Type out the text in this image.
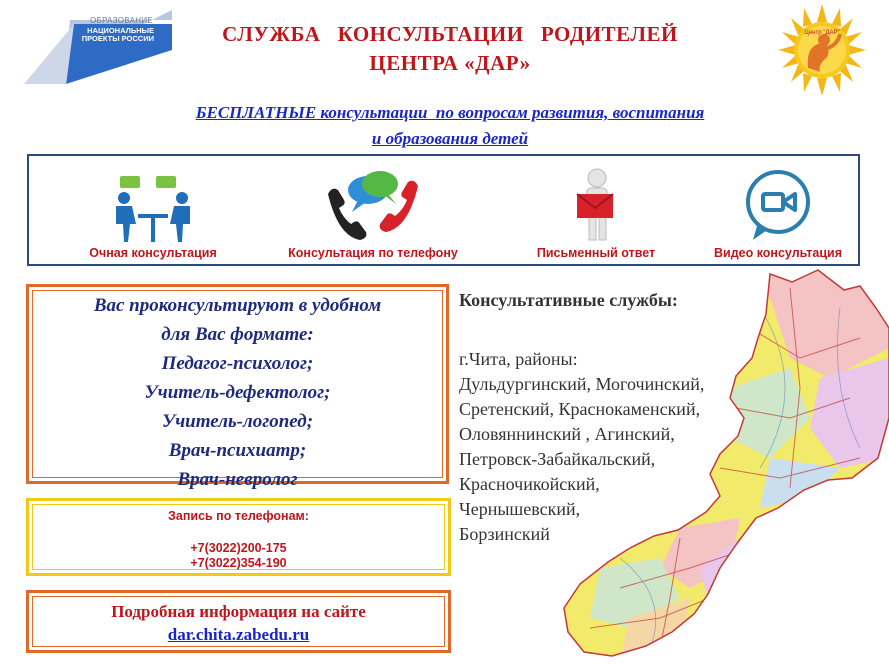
ОБРАЗОВАНИЕ
НАЦИОНАЛЬНЫЕ ПРОЕКТЫ РОССИИ	СЛУЖБА   КОНСУЛЬТАЦИИ   РОДИТЕЛЕЙ
ЦЕНТРА «ДАР»
Центр "ДАР"
БЕСПЛАТНЫЕ консультации  по вопросам развития, воспитания
и образования детей
Очная консультация	Консультация по телефону	Письменный ответ	Видео консультация
Вас проконсультируют в удобном
для Вас формате:
Педагог-психолог;
Учитель-дефектолог;
Учитель-логопед;
Врач-психиатр;
Врач-невролог
Запись по телефонам:
+7(3022)200-175
+7(3022)354-190
Подробная информация на сайте
dar.chita.zabedu.ru
Консультативные службы:
г.Чита, районы:
Дульдургинский, Могочинский,
Сретенский, Краснокаменский,
Оловяннинский , Агинский,
Петровск-Забайкальский,
Красночикойский,
Чернышевский,
Борзинский
